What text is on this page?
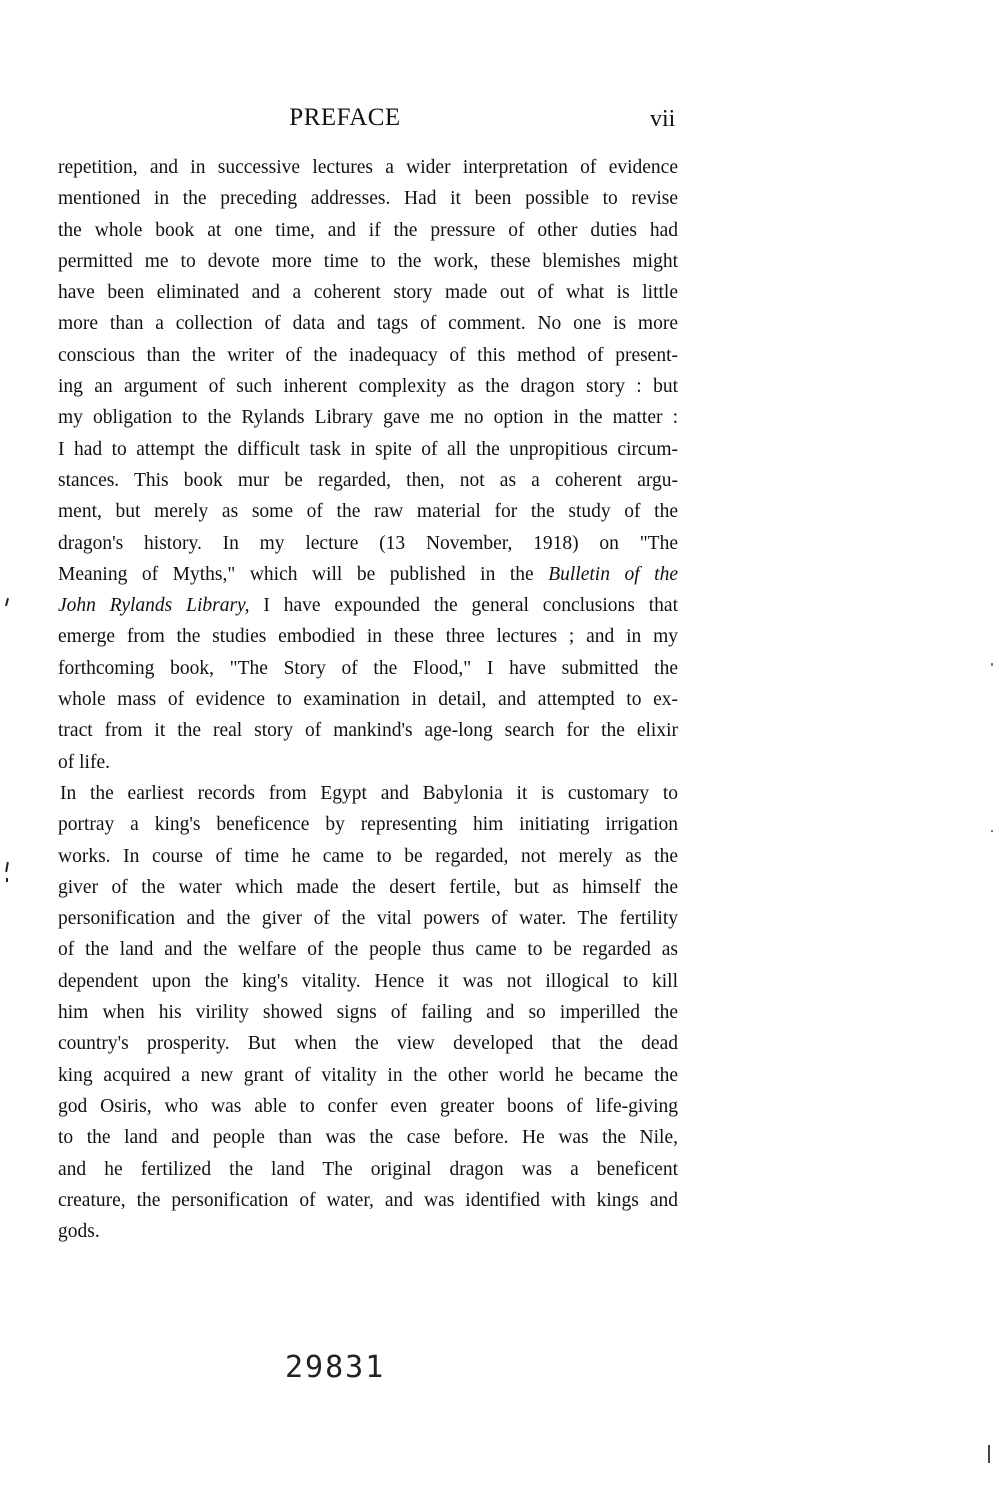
PREFACE	vii
repetition, and in successive lectures a wider interpretation of evidence
mentioned in the preceding addresses. Had it been possible to revise
the whole book at one time, and if the pressure of other duties had
permitted me to devote more time to the work, these blemishes might
have been eliminated and a coherent story made out of what is little
more than a collection of data and tags of comment. No one is more
conscious than the writer of the inadequacy of this method of present-
ing an argument of such inherent complexity as the dragon story : but
my obligation to the Rylands Library gave me no option in the matter :
I had to attempt the difficult task in spite of all the unpropitious circum-
stances. This book mur be regarded, then, not as a coherent argu-
ment, but merely as some of the raw material for the study of the
dragon's history. In my lecture (13 November, 1918) on "The
Meaning of Myths," which will be published in the Bulletin of the
John Rylands Library, I have expounded the general conclusions that
emerge from the studies embodied in these three lectures ; and in my
forthcoming book, "The Story of the Flood," I have submitted the
whole mass of evidence to examination in detail, and attempted to ex-
tract from it the real story of mankind's age-long search for the elixir
of life.
In the earliest records from Egypt and Babylonia it is customary to
portray a king's beneficence by representing him initiating irrigation
works. In course of time he came to be regarded, not merely as the
giver of the water which made the desert fertile, but as himself the
personification and the giver of the vital powers of water. The fertility
of the land and the welfare of the people thus came to be regarded as
dependent upon the king's vitality. Hence it was not illogical to kill
him when his virility showed signs of failing and so imperilled the
country's prosperity. But when the view developed that the dead
king acquired a new grant of vitality in the other world he became the
god Osiris, who was able to confer even greater boons of life-giving
to the land and people than was the case before. He was the Nile,
and he fertilized the land The original dragon was a beneficent
creature, the personification of water, and was identified with kings and
gods.
29831
